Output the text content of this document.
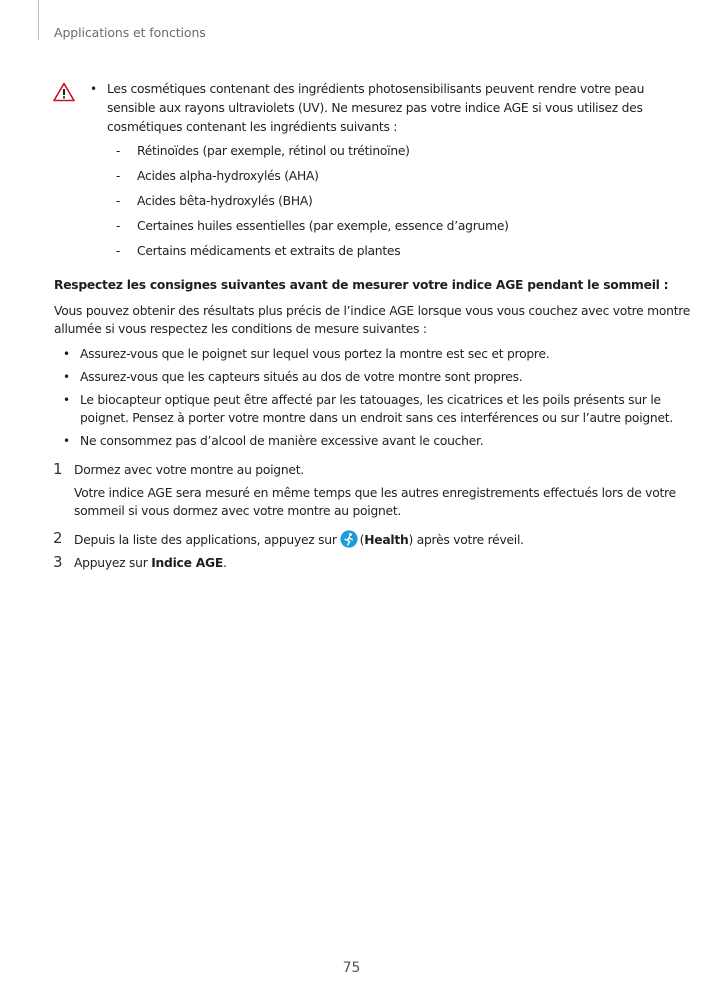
Applications et fonctions
• Les cosmétiques contenant des ingrédients photosensibilisants peuvent rendre votre peau
sensible aux rayons ultraviolets (UV). Ne mesurez pas votre indice AGE si vous utilisez des
cosmétiques contenant les ingrédients suivants :
- Rétinoïdes (par exemple, rétinol ou trétinoïne)
- Acides alpha-hydroxylés (AHA)
- Acides bêta-hydroxylés (BHA)
- Certaines huiles essentielles (par exemple, essence d’agrume)
- Certains médicaments et extraits de plantes
Respectez les consignes suivantes avant de mesurer votre indice AGE pendant le sommeil :
Vous pouvez obtenir des résultats plus précis de l’indice AGE lorsque vous vous couchez avec votre montre
allumée si vous respectez les conditions de mesure suivantes :
• Assurez-vous que le poignet sur lequel vous portez la montre est sec et propre.
• Assurez-vous que les capteurs situés au dos de votre montre sont propres.
• Le biocapteur optique peut être affecté par les tatouages, les cicatrices et les poils présents sur le
poignet. Pensez à porter votre montre dans un endroit sans ces interférences ou sur l’autre poignet.
• Ne consommez pas d’alcool de manière excessive avant le coucher.
1 Dormez avec votre montre au poignet.
Votre indice AGE sera mesuré en même temps que les autres enregistrements effectués lors de votre
sommeil si vous dormez avec votre montre au poignet.
2 Depuis la liste des applications, appuyez sur (Health) après votre réveil.
3 Appuyez sur Indice AGE.
75
